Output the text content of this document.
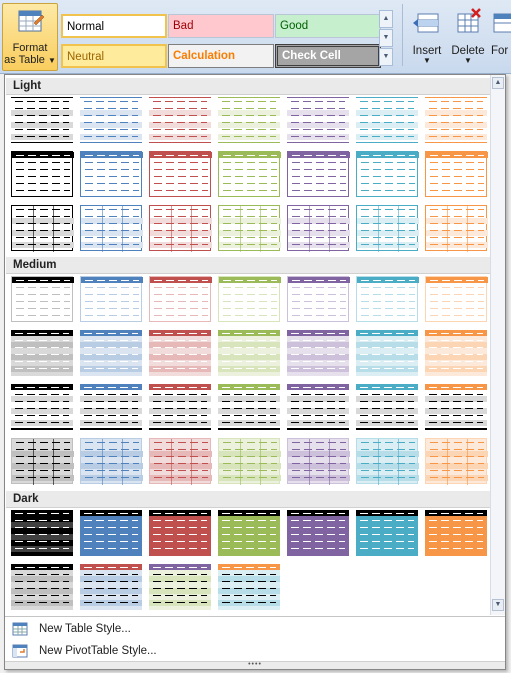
Format
as Table ▼
Normal	Bad	Good
Neutral	Calculation	Check Cell
▲
▼
▼	Insert
▼
Delete
▼
For
Light
Medium
Dark
▲
▼
New Table Style...
New PivotTable Style...
••••
